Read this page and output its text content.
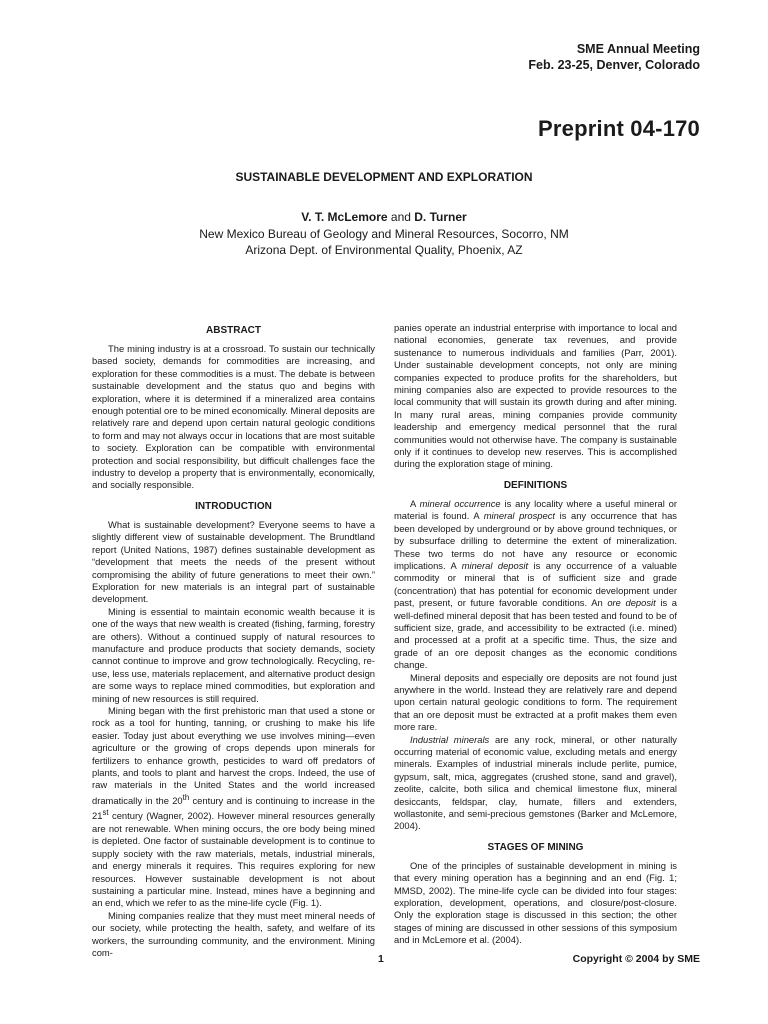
SME Annual Meeting
Feb. 23-25, Denver, Colorado
Preprint 04-170
SUSTAINABLE DEVELOPMENT AND EXPLORATION
V. T. McLemore and D. Turner
New Mexico Bureau of Geology and Mineral Resources, Socorro, NM
Arizona Dept. of Environmental Quality, Phoenix, AZ
ABSTRACT

The mining industry is at a crossroad. To sustain our technically based society, demands for commodities are increasing, and exploration for these commodities is a must. The debate is between sustainable development and the status quo and begins with exploration, where it is determined if a mineralized area contains enough potential ore to be mined economically. Mineral deposits are relatively rare and depend upon certain natural geologic conditions to form and may not always occur in locations that are most suitable to society. Exploration can be compatible with environmental protection and social responsibility, but difficult challenges face the industry to develop a property that is environmentally, economically, and socially responsible.

INTRODUCTION

What is sustainable development? Everyone seems to have a slightly different view of sustainable development. The Brundtland report (United Nations, 1987) defines sustainable development as “development that meets the needs of the present without compromising the ability of future generations to meet their own.” Exploration for new materials is an integral part of sustainable development.

Mining is essential to maintain economic wealth because it is one of the ways that new wealth is created (fishing, farming, forestry are others). Without a continued supply of natural resources to manufacture and produce products that society demands, society cannot continue to improve and grow technologically. Recycling, re-use, less use, materials replacement, and alternative product design are some ways to replace mined commodities, but exploration and mining of new resources is still required.

Mining began with the first prehistoric man that used a stone or rock as a tool for hunting, tanning, or crushing to make his life easier. Today just about everything we use involves mining—even agriculture or the growing of crops depends upon minerals for fertilizers to enhance growth, pesticides to ward off predators of plants, and tools to plant and harvest the crops. Indeed, the use of raw materials in the United States and the world increased dramatically in the 20th century and is continuing to increase in the 21st century (Wagner, 2002). However mineral resources generally are not renewable. When mining occurs, the ore body being mined is depleted. One factor of sustainable development is to continue to supply society with the raw materials, metals, industrial minerals, and energy minerals it requires. This requires exploring for new resources. However sustainable development is not about sustaining a particular mine. Instead, mines have a beginning and an end, which we refer to as the mine-life cycle (Fig. 1).

Mining companies realize that they must meet mineral needs of our society, while protecting the health, safety, and welfare of its workers, the surrounding community, and the environment. Mining com-

panies operate an industrial enterprise with importance to local and national economies, generate tax revenues, and provide sustenance to numerous individuals and families (Parr, 2001). Under sustainable development concepts, not only are mining companies expected to produce profits for the shareholders, but mining companies also are expected to provide resources to the local community that will sustain its growth during and after mining. In many rural areas, mining companies provide community leadership and emergency medical personnel that the rural communities would not otherwise have. The company is sustainable only if it continues to develop new reserves. This is accomplished during the exploration stage of mining.

DEFINITIONS

A mineral occurrence is any locality where a useful mineral or material is found. A mineral prospect is any occurrence that has been developed by underground or by above ground techniques, or by subsurface drilling to determine the extent of mineralization. These two terms do not have any resource or economic implications. A mineral deposit is any occurrence of a valuable commodity or mineral that is of sufficient size and grade (concentration) that has potential for economic development under past, present, or future favorable conditions. An ore deposit is a well-defined mineral deposit that has been tested and found to be of sufficient size, grade, and accessibility to be extracted (i.e. mined) and processed at a profit at a specific time. Thus, the size and grade of an ore deposit changes as the economic conditions change.

Mineral deposits and especially ore deposits are not found just anywhere in the world. Instead they are relatively rare and depend upon certain natural geologic conditions to form. The requirement that an ore deposit must be extracted at a profit makes them even more rare.

Industrial minerals are any rock, mineral, or other naturally occurring material of economic value, excluding metals and energy minerals. Examples of industrial minerals include perlite, pumice, gypsum, salt, mica, aggregates (crushed stone, sand and gravel), zeolite, calcite, both silica and chemical limestone flux, mineral desiccants, feldspar, clay, humate, fillers and extenders, wollastonite, and semi-precious gemstones (Barker and McLemore, 2004).

STAGES OF MINING

One of the principles of sustainable development in mining is that every mining operation has a beginning and an end (Fig. 1; MMSD, 2002). The mine-life cycle can be divided into four stages: exploration, development, operations, and closure/post-closure. Only the exploration stage is discussed in this section; the other stages of mining are discussed in other sessions of this symposium and in McLemore et al. (2004).

1	Copyright © 2004 by SME
